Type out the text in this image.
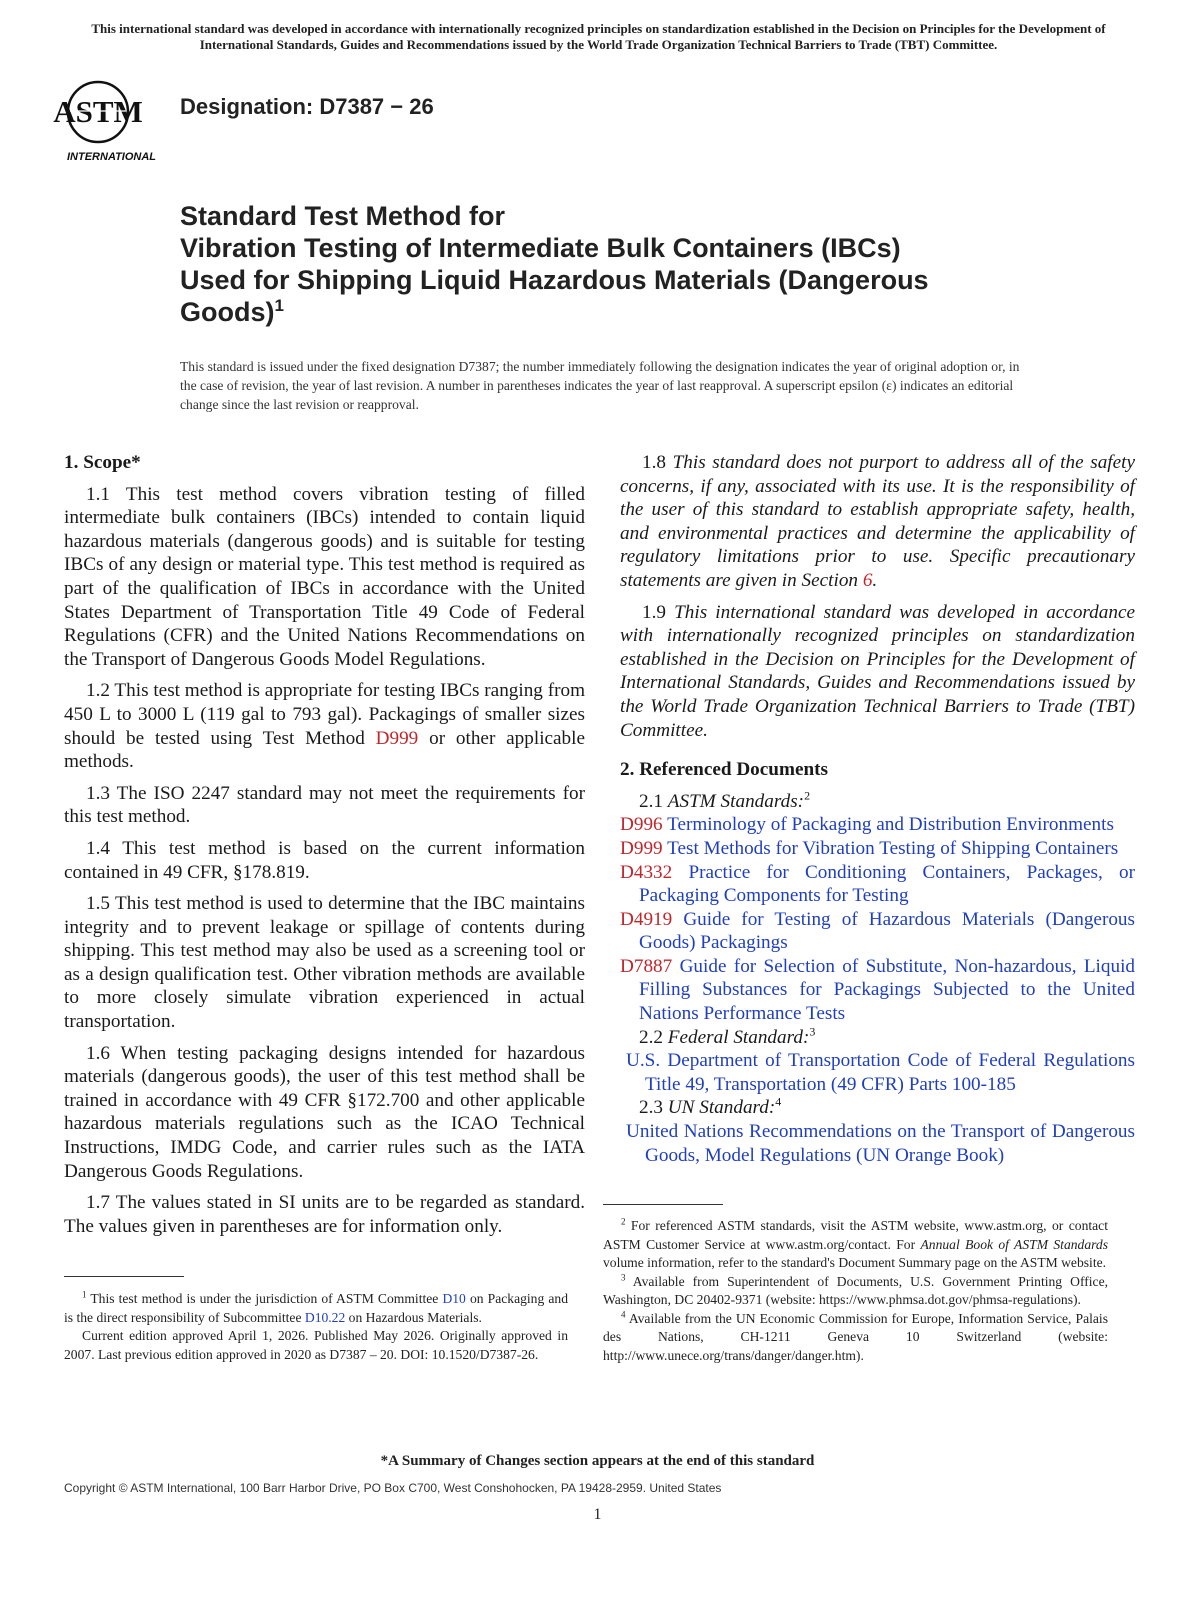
This international standard was developed in accordance with internationally recognized principles on standardization established in the Decision on Principles for the Development of International Standards, Guides and Recommendations issued by the World Trade Organization Technical Barriers to Trade (TBT) Committee.
ASTM
INTERNATIONAL
Designation: D7387 − 26
Standard Test Method for
Vibration Testing of Intermediate Bulk Containers (IBCs)
Used for Shipping Liquid Hazardous Materials (Dangerous
Goods)$^1$
This standard is issued under the fixed designation D7387; the number immediately following the designation indicates the year of original adoption or, in the case of revision, the year of last revision. A number in parentheses indicates the year of last reapproval. A superscript epsilon (ε) indicates an editorial change since the last revision or reapproval.
1. Scope*

1.1 This test method covers vibration testing of filled intermediate bulk containers (IBCs) intended to contain liquid hazardous materials (dangerous goods) and is suitable for testing IBCs of any design or material type. This test method is required as part of the qualification of IBCs in accordance with the United States Department of Transportation Title 49 Code of Federal Regulations (CFR) and the United Nations Recommendations on the Transport of Dangerous Goods Model Regulations.

1.2 This test method is appropriate for testing IBCs ranging from 450 L to 3000 L (119 gal to 793 gal). Packagings of smaller sizes should be tested using Test Method D999 or other applicable methods.

1.3 The ISO 2247 standard may not meet the requirements for this test method.

1.4 This test method is based on the current information contained in 49 CFR, §178.819.

1.5 This test method is used to determine that the IBC maintains integrity and to prevent leakage or spillage of contents during shipping. This test method may also be used as a screening tool or as a design qualification test. Other vibration methods are available to more closely simulate vibration experienced in actual transportation.

1.6 When testing packaging designs intended for hazardous materials (dangerous goods), the user of this test method shall be trained in accordance with 49 CFR §172.700 and other applicable hazardous materials regulations such as the ICAO Technical Instructions, IMDG Code, and carrier rules such as the IATA Dangerous Goods Regulations.

1.7 The values stated in SI units are to be regarded as standard. The values given in parentheses are for information only.

$^1$ This test method is under the jurisdiction of ASTM Committee D10 on Packaging and is the direct responsibility of Subcommittee D10.22 on Hazardous Materials.

Current edition approved April 1, 2026. Published May 2026. Originally approved in 2007. Last previous edition approved in 2020 as D7387 – 20. DOI: 10.1520/D7387-26.

1.8 This standard does not purport to address all of the safety concerns, if any, associated with its use. It is the responsibility of the user of this standard to establish appropriate safety, health, and environmental practices and determine the applicability of regulatory limitations prior to use. Specific precautionary statements are given in Section 6.

1.9 This international standard was developed in accordance with internationally recognized principles on standardization established in the Decision on Principles for the Development of International Standards, Guides and Recommendations issued by the World Trade Organization Technical Barriers to Trade (TBT) Committee.

2. Referenced Documents
2.1 ASTM Standards:$^2$
D996 Terminology of Packaging and Distribution Environments
D999 Test Methods for Vibration Testing of Shipping Containers
D4332 Practice for Conditioning Containers, Packages, or Packaging Components for Testing
D4919 Guide for Testing of Hazardous Materials (Dangerous Goods) Packagings
D7887 Guide for Selection of Substitute, Non-hazardous, Liquid Filling Substances for Packagings Subjected to the United Nations Performance Tests
2.2 Federal Standard:$^3$
U.S. Department of Transportation Code of Federal Regulations Title 49, Transportation (49 CFR) Parts 100-185
2.3 UN Standard:$^4$
United Nations Recommendations on the Transport of Dangerous Goods, Model Regulations (UN Orange Book)

$^2$ For referenced ASTM standards, visit the ASTM website, www.astm.org, or contact ASTM Customer Service at www.astm.org/contact. For Annual Book of ASTM Standards volume information, refer to the standard's Document Summary page on the ASTM website.

$^3$ Available from Superintendent of Documents, U.S. Government Printing Office, Washington, DC 20402-9371 (website: https://www.phmsa.dot.gov/phmsa-regulations).

$^4$ Available from the UN Economic Commission for Europe, Information Service, Palais des Nations, CH-1211 Geneva 10 Switzerland (website: http://www.unece.org/trans/danger/danger.htm).

*A Summary of Changes section appears at the end of this standard
Copyright © ASTM International, 100 Barr Harbor Drive, PO Box C700, West Conshohocken, PA 19428-2959. United States
1
